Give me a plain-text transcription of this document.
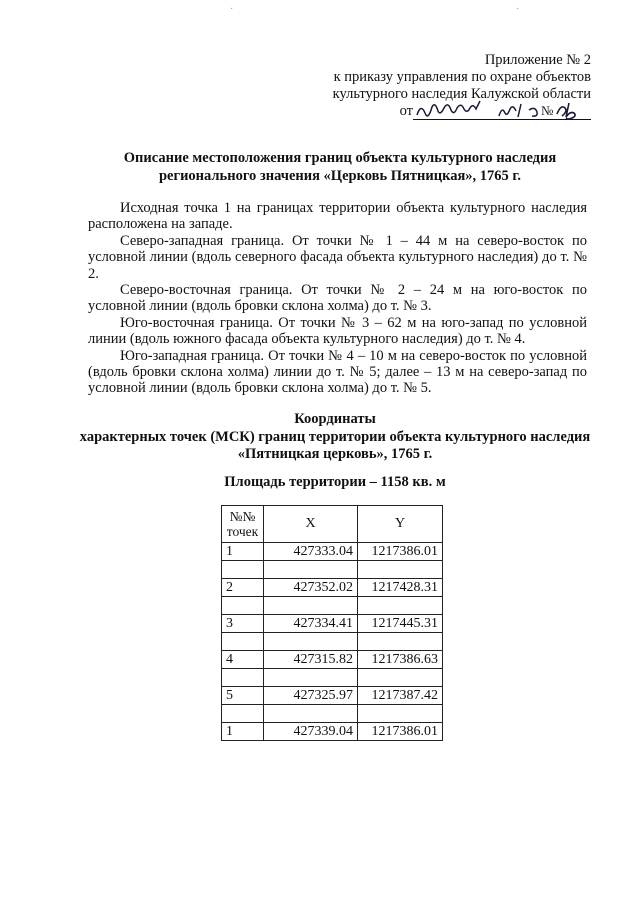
·	·
Приложение № 2
к приказу управления по охране объектов
культурного наследия Калужской области
от	№
Описание местоположения границ объекта культурного наследия
регионального значения «Церковь Пятницкая», 1765 г.

Исходная точка 1 на границах территории объекта культурного наследия расположена на западе.

Северо-западная граница. От точки № 1 – 44 м на северо-восток по условной линии (вдоль северного фасада объекта культурного наследия) до т. № 2.

Северо-восточная граница. От точки № 2 – 24 м на юго-восток по условной линии (вдоль бровки склона холма) до т. № 3.

Юго-восточная граница. От точки № 3 – 62 м на юго-запад по условной линии (вдоль южного фасада объекта культурного наследия) до т. № 4.

Юго-западная граница. От точки № 4 – 10 м на северо-восток по условной (вдоль бровки склона холма) линии до т. № 5; далее – 13 м на северо-запад по условной линии (вдоль бровки склона холма) до т. № 5.

Координаты
характерных точек (МСК) границ территории объекта культурного наследия
«Пятницкая церковь», 1765 г.
Площадь территории – 1158 кв. м
№№ точек	X	Y
1	427333.04	1217386.01

2	427352.02	1217428.31

3	427334.41	1217445.31

4	427315.82	1217386.63

5	427325.97	1217387.42

1	427339.04	1217386.01
